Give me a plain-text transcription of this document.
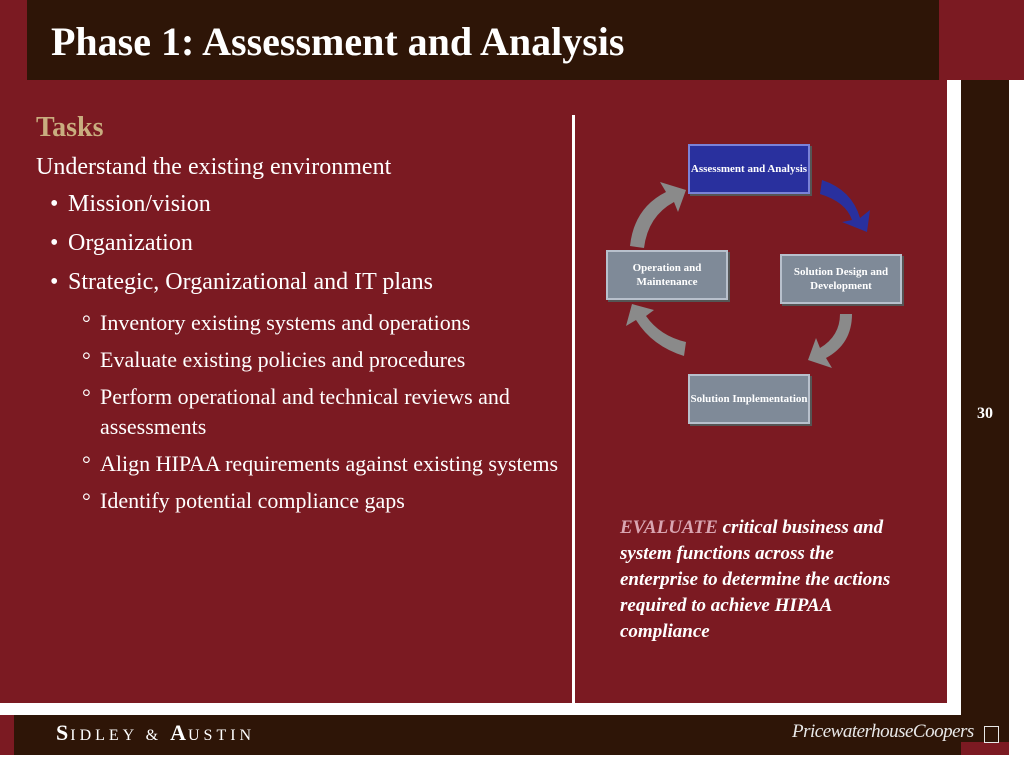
Phase 1: Assessment and Analysis
30
Tasks
Understand the existing environment
• Mission/vision
• Organization
• Strategic, Organizational and IT plans
° Inventory existing systems and operations
° Evaluate existing policies and procedures
° Perform operational and technical reviews and assessments
° Align HIPAA requirements against existing systems
° Identify potential compliance gaps
Assessment and Analysis
Solution Design and Development
Solution Implementation
Operation and Maintenance
EVALUATE critical business and system functions across the enterprise to determine the actions required to achieve HIPAA compliance
SIDLEY & AUSTIN	PricewaterhouseCoopers
